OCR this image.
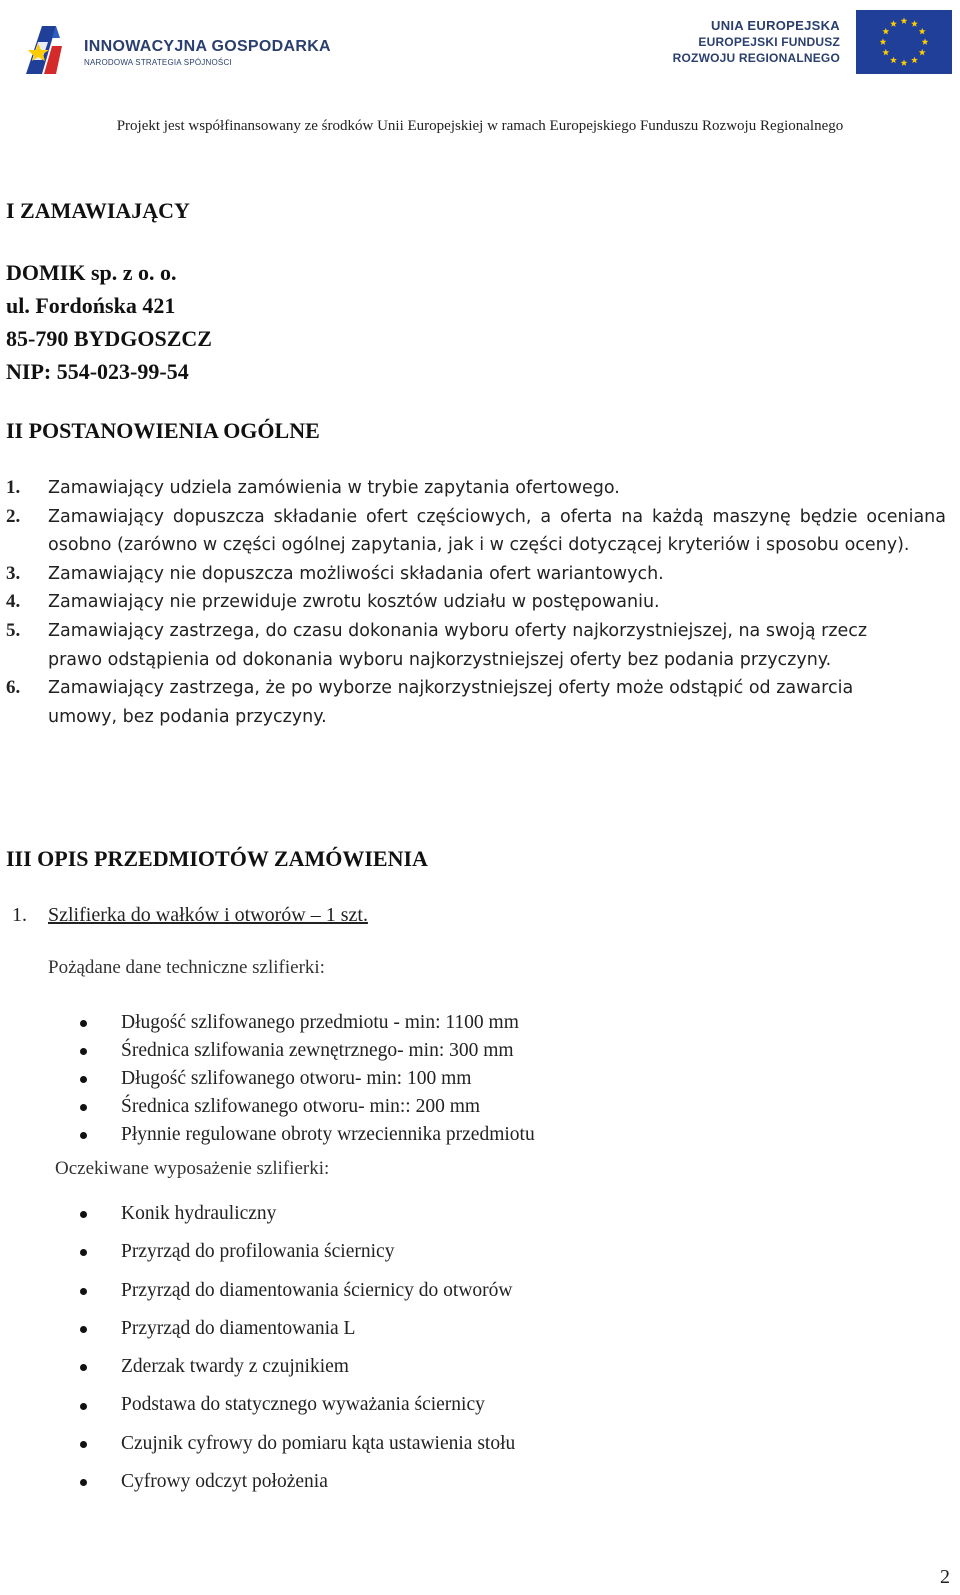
INNOWACYJNA GOSPODARKA
NARODOWA STRATEGIA SPÓJNOŚCI
UNIA EUROPEJSKA
EUROPEJSKI FUNDUSZ
ROZWOJU REGIONALNEGO
Projekt jest współfinansowany ze środków Unii Europejskiej w ramach Europejskiego Funduszu Rozwoju Regionalnego
I ZAMAWIAJĄCY
DOMIK sp. z o. o.
ul. Fordońska 421
85-790 BYDGOSZCZ
NIP: 554-023-99-54
II POSTANOWIENIA OGÓLNE

1. Zamawiający udziela zamówienia w trybie zapytania ofertowego.

2. Zamawiający dopuszcza składanie ofert częściowych, a oferta na każdą maszynę będzie oceniana osobno (zarówno w części ogólnej zapytania, jak i w części dotyczącej kryteriów i sposobu oceny).

3. Zamawiający nie dopuszcza możliwości składania ofert wariantowych.

4. Zamawiający nie przewiduje zwrotu kosztów udziału w postępowaniu.

5. Zamawiający zastrzega, do czasu dokonania wyboru oferty najkorzystniejszej, na swoją rzecz prawo odstąpienia od dokonania wyboru najkorzystniejszej oferty bez podania przyczyny.

6. Zamawiający zastrzega, że po wyborze najkorzystniejszej oferty może odstąpić od zawarcia umowy, bez podania przyczyny.

III OPIS PRZEDMIOTÓW ZAMÓWIENIA
1. Szlifierka do wałków i otworów – 1 szt.
Pożądane dane techniczne szlifierki:
Długość szlifowanego przedmiotu - min: 1100 mm
Średnica szlifowania zewnętrznego- min: 300 mm
Długość szlifowanego otworu- min: 100 mm
Średnica szlifowanego otworu- min:: 200 mm
Płynnie regulowane obroty wrzeciennika przedmiotu
Oczekiwane wyposażenie szlifierki:
Konik hydrauliczny
Przyrząd do profilowania ściernicy
Przyrząd do diamentowania ściernicy do otworów
Przyrząd do diamentowania L
Zderzak twardy z czujnikiem
Podstawa do statycznego wyważania ściernicy
Czujnik cyfrowy do pomiaru kąta ustawienia stołu
Cyfrowy odczyt położenia
2
